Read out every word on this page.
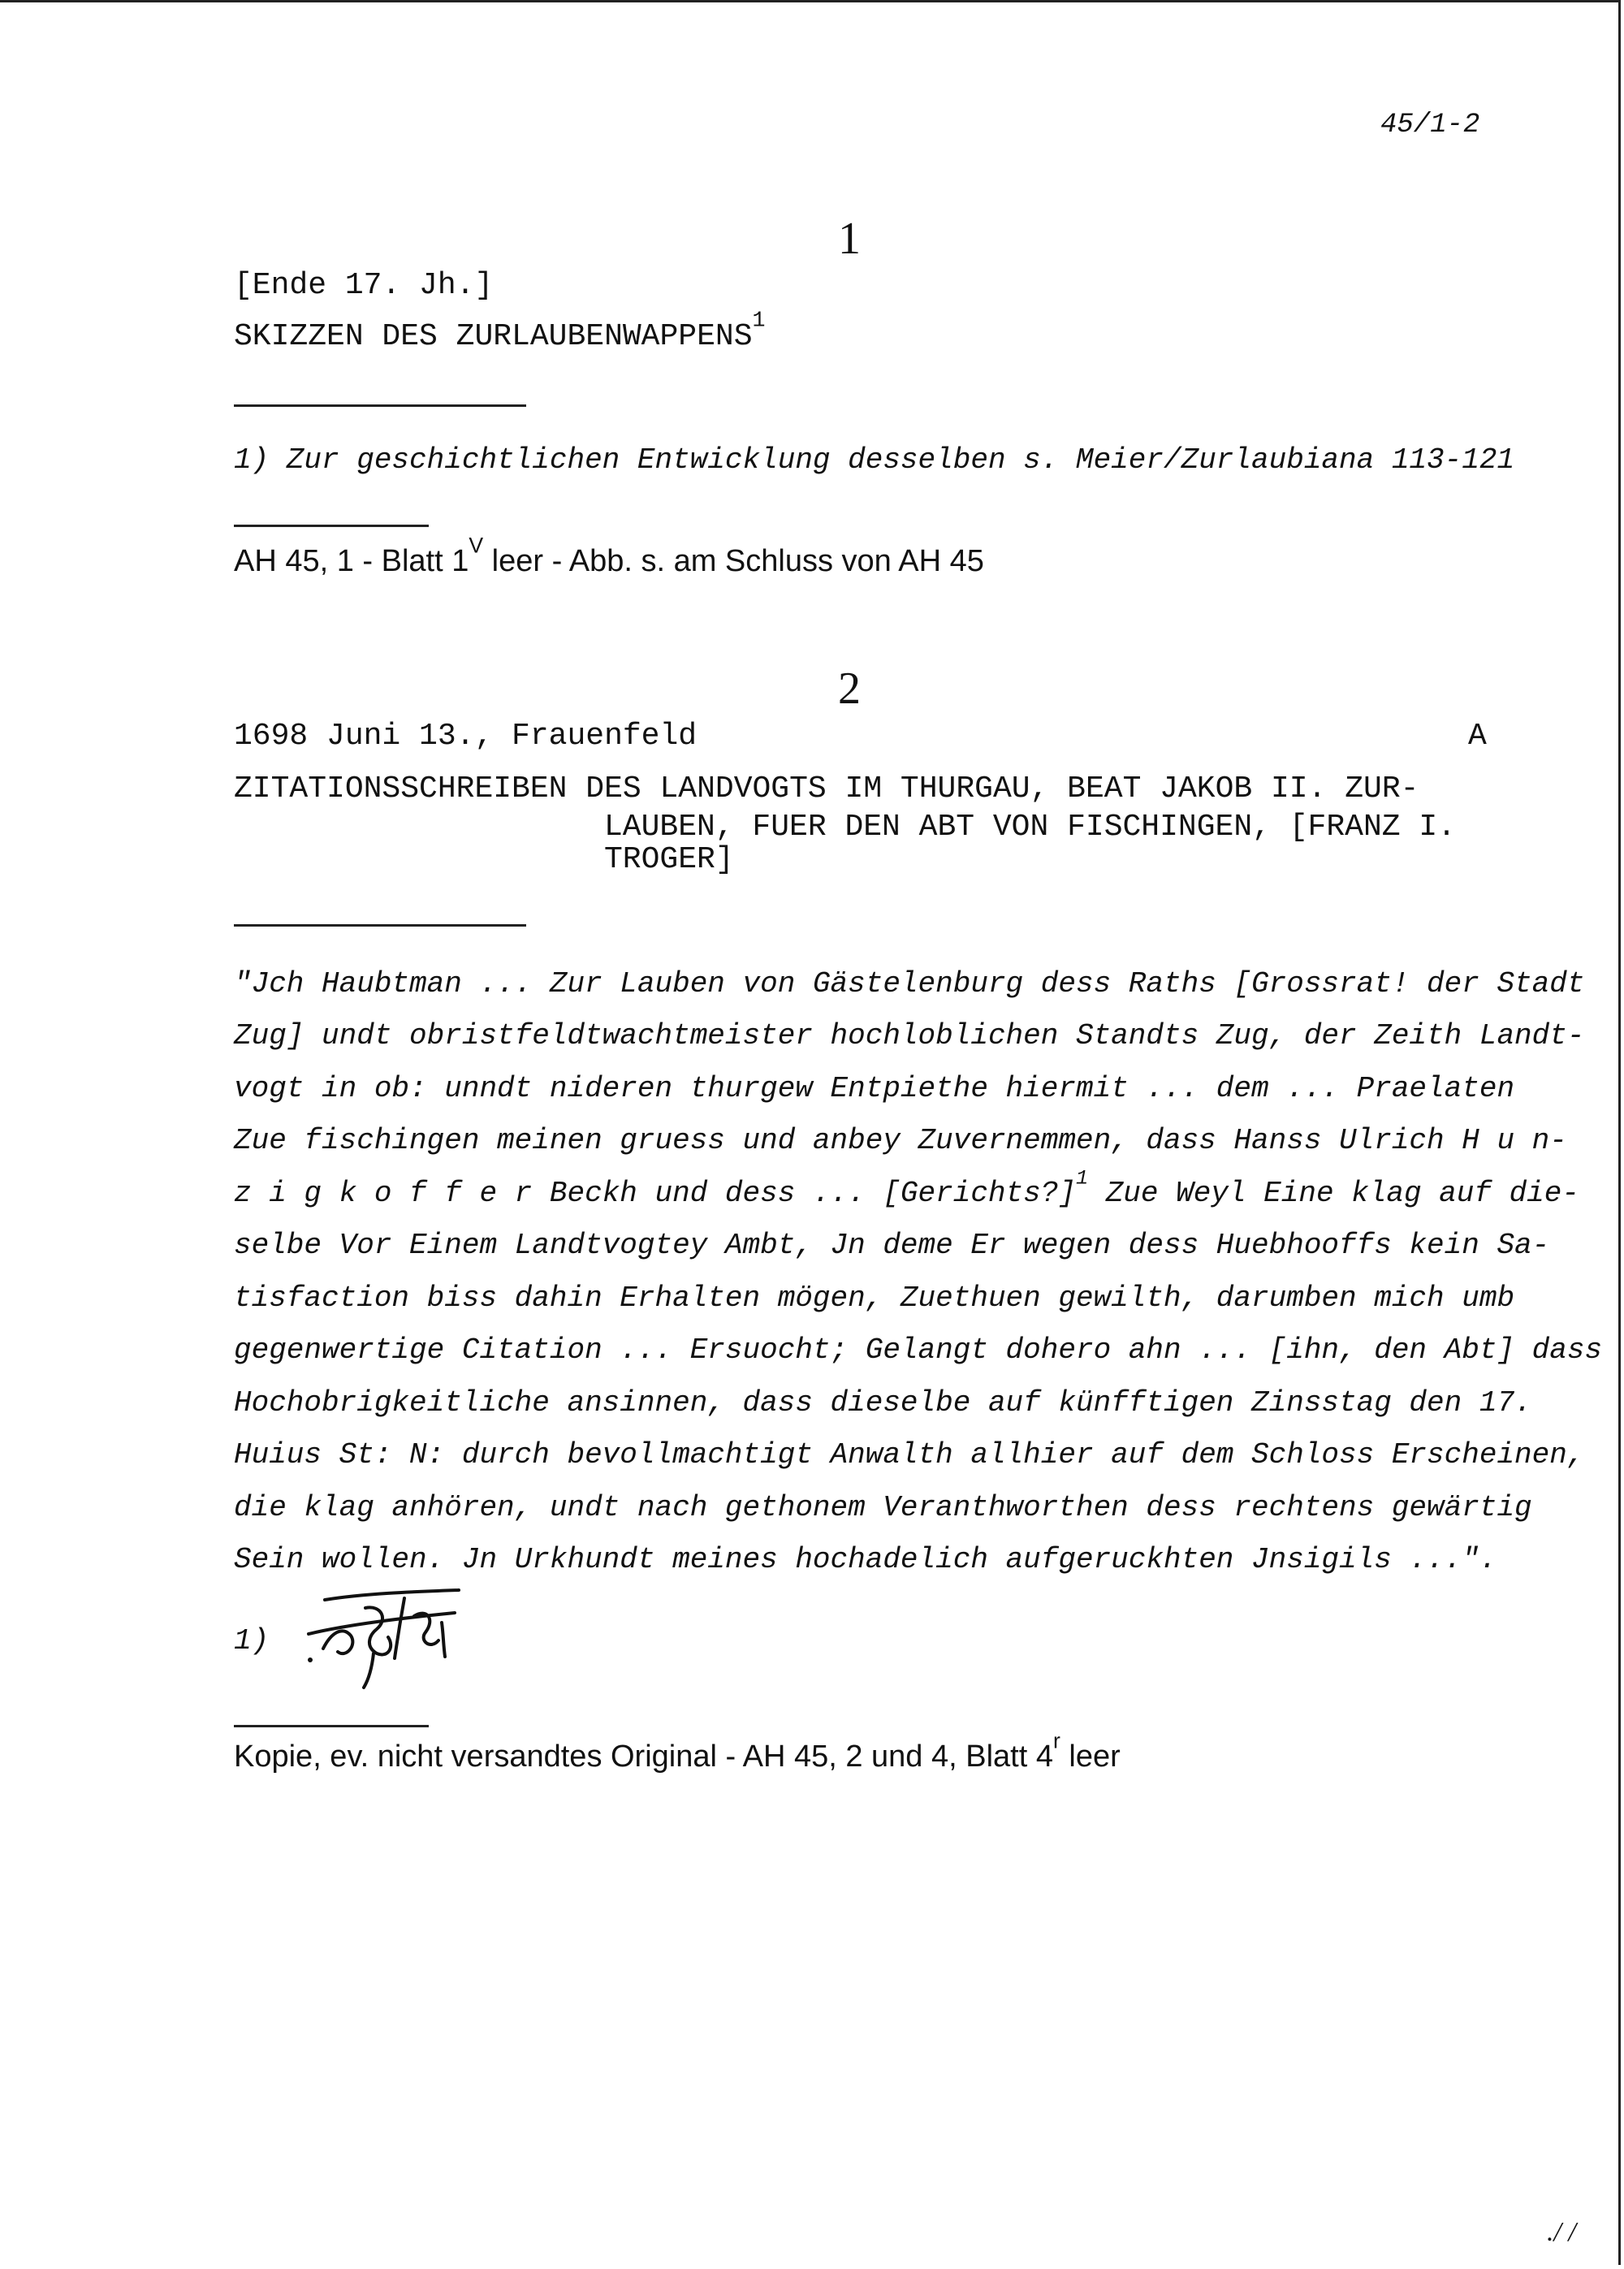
45/1-2
1
[Ende 17. Jh.]
SKIZZEN DES ZURLAUBENWAPPENS$^1$
1) Zur geschichtlichen Entwicklung desselben s. Meier/Zurlaubiana 113-121
AH 45, 1 - Blatt $1^V$ leer - Abb. s. am Schluss von AH 45
2
1698 Juni 13., Frauenfeld	A
ZITATIONSSCHREIBEN DES LANDVOGTS IM THURGAU, BEAT JAKOB II. ZUR-
LAUBEN, FUER DEN ABT VON FISCHINGEN, [FRANZ I.
TROGER]
"Jch Haubtman ... Zur Lauben von Gästelenburg dess Raths [Grossrat! der Stadt
Zug] undt obristfeldtwachtmeister hochloblichen Standts Zug, der Zeith Landt-
vogt in ob: unndt nideren thurgew Entpiethe hiermit ... dem ... Praelaten
Zue fischingen meinen gruess und anbey Zuvernemmen, dass Hanss Ulrich H u n-
z i g k o f f e r Beckh und dess ... [Gerichts?]$^1$ Zue Weyl Eine klag auf die-
selbe Vor Einem Landtvogtey Ambt, Jn deme Er wegen dess Huebhooffs kein Sa-
tisfaction biss dahin Erhalten mögen, Zuethuen gewilth, darumben mich umb
gegenwertige Citation ... Ersuocht; Gelangt dohero ahn ... [ihn, den Abt] dass
Hochobrigkeitliche ansinnen, dass dieselbe auf künfftigen Zinsstag den 17.
Huius St: N: durch bevollmachtigt Anwalth allhier auf dem Schloss Erscheinen,
die klag anhören, undt nach gethonem Veranthworthen dess rechtens gewärtig
Sein wollen. Jn Urkhundt meines hochadelich aufgeruckhten Jnsigils ...".
1)
Kopie, ev. nicht versandtes Original - AH 45, 2 und 4, Blatt 4$^r$ leer
./ /
